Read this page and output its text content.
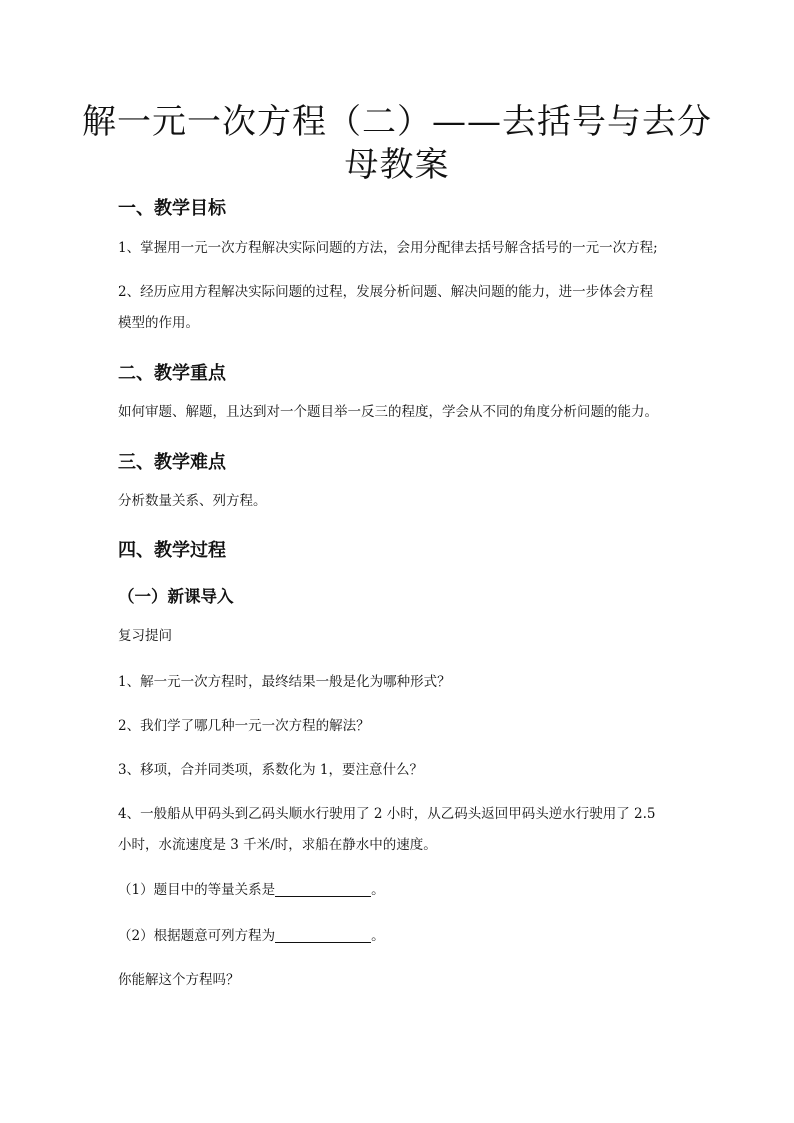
解一元一次方程（二）——去括号与去分
母教案
一、教学目标
1、掌握用一元一次方程解决实际问题的方法，会用分配律去括号解含括号的一元一次方程;
2、经历应用方程解决实际问题的过程，发展分析问题、解决问题的能力，进一步体会方程
模型的作用。
二、教学重点
如何审题、解题，且达到对一个题目举一反三的程度，学会从不同的角度分析问题的能力。
三、教学难点
分析数量关系、列方程。
四、教学过程
（一）新课导入
复习提问
1、解一元一次方程时，最终结果一般是化为哪种形式？
2、我们学了哪几种一元一次方程的解法？
3、移项，合并同类项，系数化为 1，要注意什么？
4、一般船从甲码头到乙码头顺水行驶用了 2 小时，从乙码头返回甲码头逆水行驶用了 2.5
小时，水流速度是 3 千米/时，求船在静水中的速度。
（1）题目中的等量关系是	。
（2）根据题意可列方程为	。
你能解这个方程吗？
